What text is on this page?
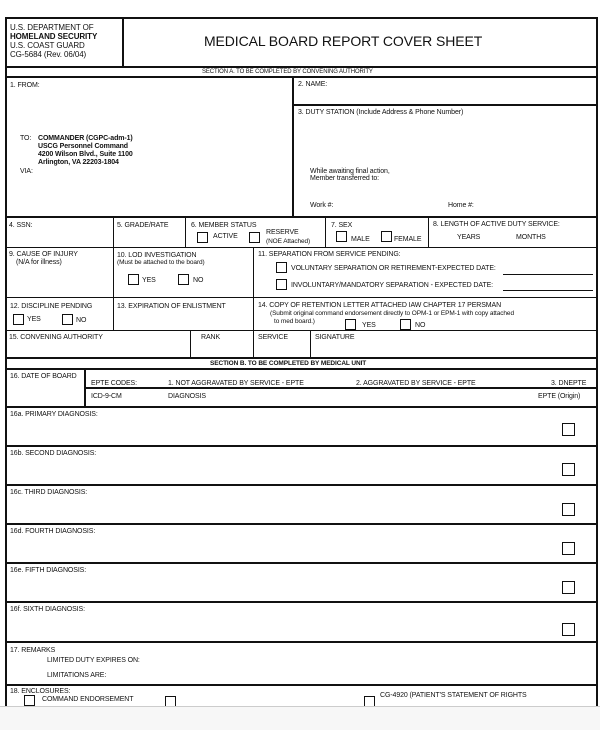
U.S. DEPARTMENT OF
HOMELAND SECURITY
U.S. COAST GUARD
CG-5684 (Rev. 06/04)
MEDICAL BOARD REPORT COVER SHEET
SECTION A. TO BE COMPLETED BY CONVENING AUTHORITY
1. FROM:
TO: COMMANDER (CGPC-adm-1)
USCG Personnel Command
4200 Wilson Blvd., Suite 1100
Arlington, VA 22203-1804
VIA:
2. NAME:
3. DUTY STATION (Include Address & Phone Number)
While awaiting final action,
Member transferred to:
Work #:	Home #:
4. SSN:	5. GRADE/RATE	6. MEMBER STATUS
ACTIVE
RESERVE
(NOE Attached)
7. SEX
MALE	FEMALE
8. LENGTH OF ACTIVE DUTY SERVICE:
YEARS	MONTHS
9. CAUSE OF INJURY
(N/A for illness)
10. LOD INVESTIGATION
(Must be attached to the board)
YES	NO
11. SEPARATION FROM SERVICE PENDING:
VOLUNTARY SEPARATION OR RETIREMENT-EXPECTED DATE:
INVOLUNTARY/MANDATORY SEPARATION - EXPECTED DATE:
12. DISCIPLINE PENDING
YES	NO
13. EXPIRATION OF ENLISTMENT	14. COPY OF RETENTION LETTER ATTACHED IAW CHAPTER 17 PERSMAN
(Submit original command endorsement directly to OPM-1 or EPM-1 with copy attached
to med board.)
YES	NO
15. CONVENING AUTHORITY	RANK	SERVICE	SIGNATURE
SECTION B. TO BE COMPLETED BY MEDICAL UNIT
16. DATE OF BOARD
EPTE CODES:	1. NOT AGGRAVATED BY SERVICE - EPTE	2. AGGRAVATED BY SERVICE - EPTE	3. DNEPTE
ICD-9-CM	DIAGNOSIS	EPTE (Origin)
16a. PRIMARY DIAGNOSIS:
16b. SECOND DIAGNOSIS:
16c. THIRD DIAGNOSIS:
16d. FOURTH DIAGNOSIS:
16e. FIFTH DIAGNOSIS:
16f. SIXTH DIAGNOSIS:
17. REMARKS
LIMITED DUTY EXPIRES ON:
LIMITATIONS ARE:
18. ENCLOSURES:
COMMAND ENDORSEMENT
CG-4920 (PATIENT'S STATEMENT OF RIGHTS
